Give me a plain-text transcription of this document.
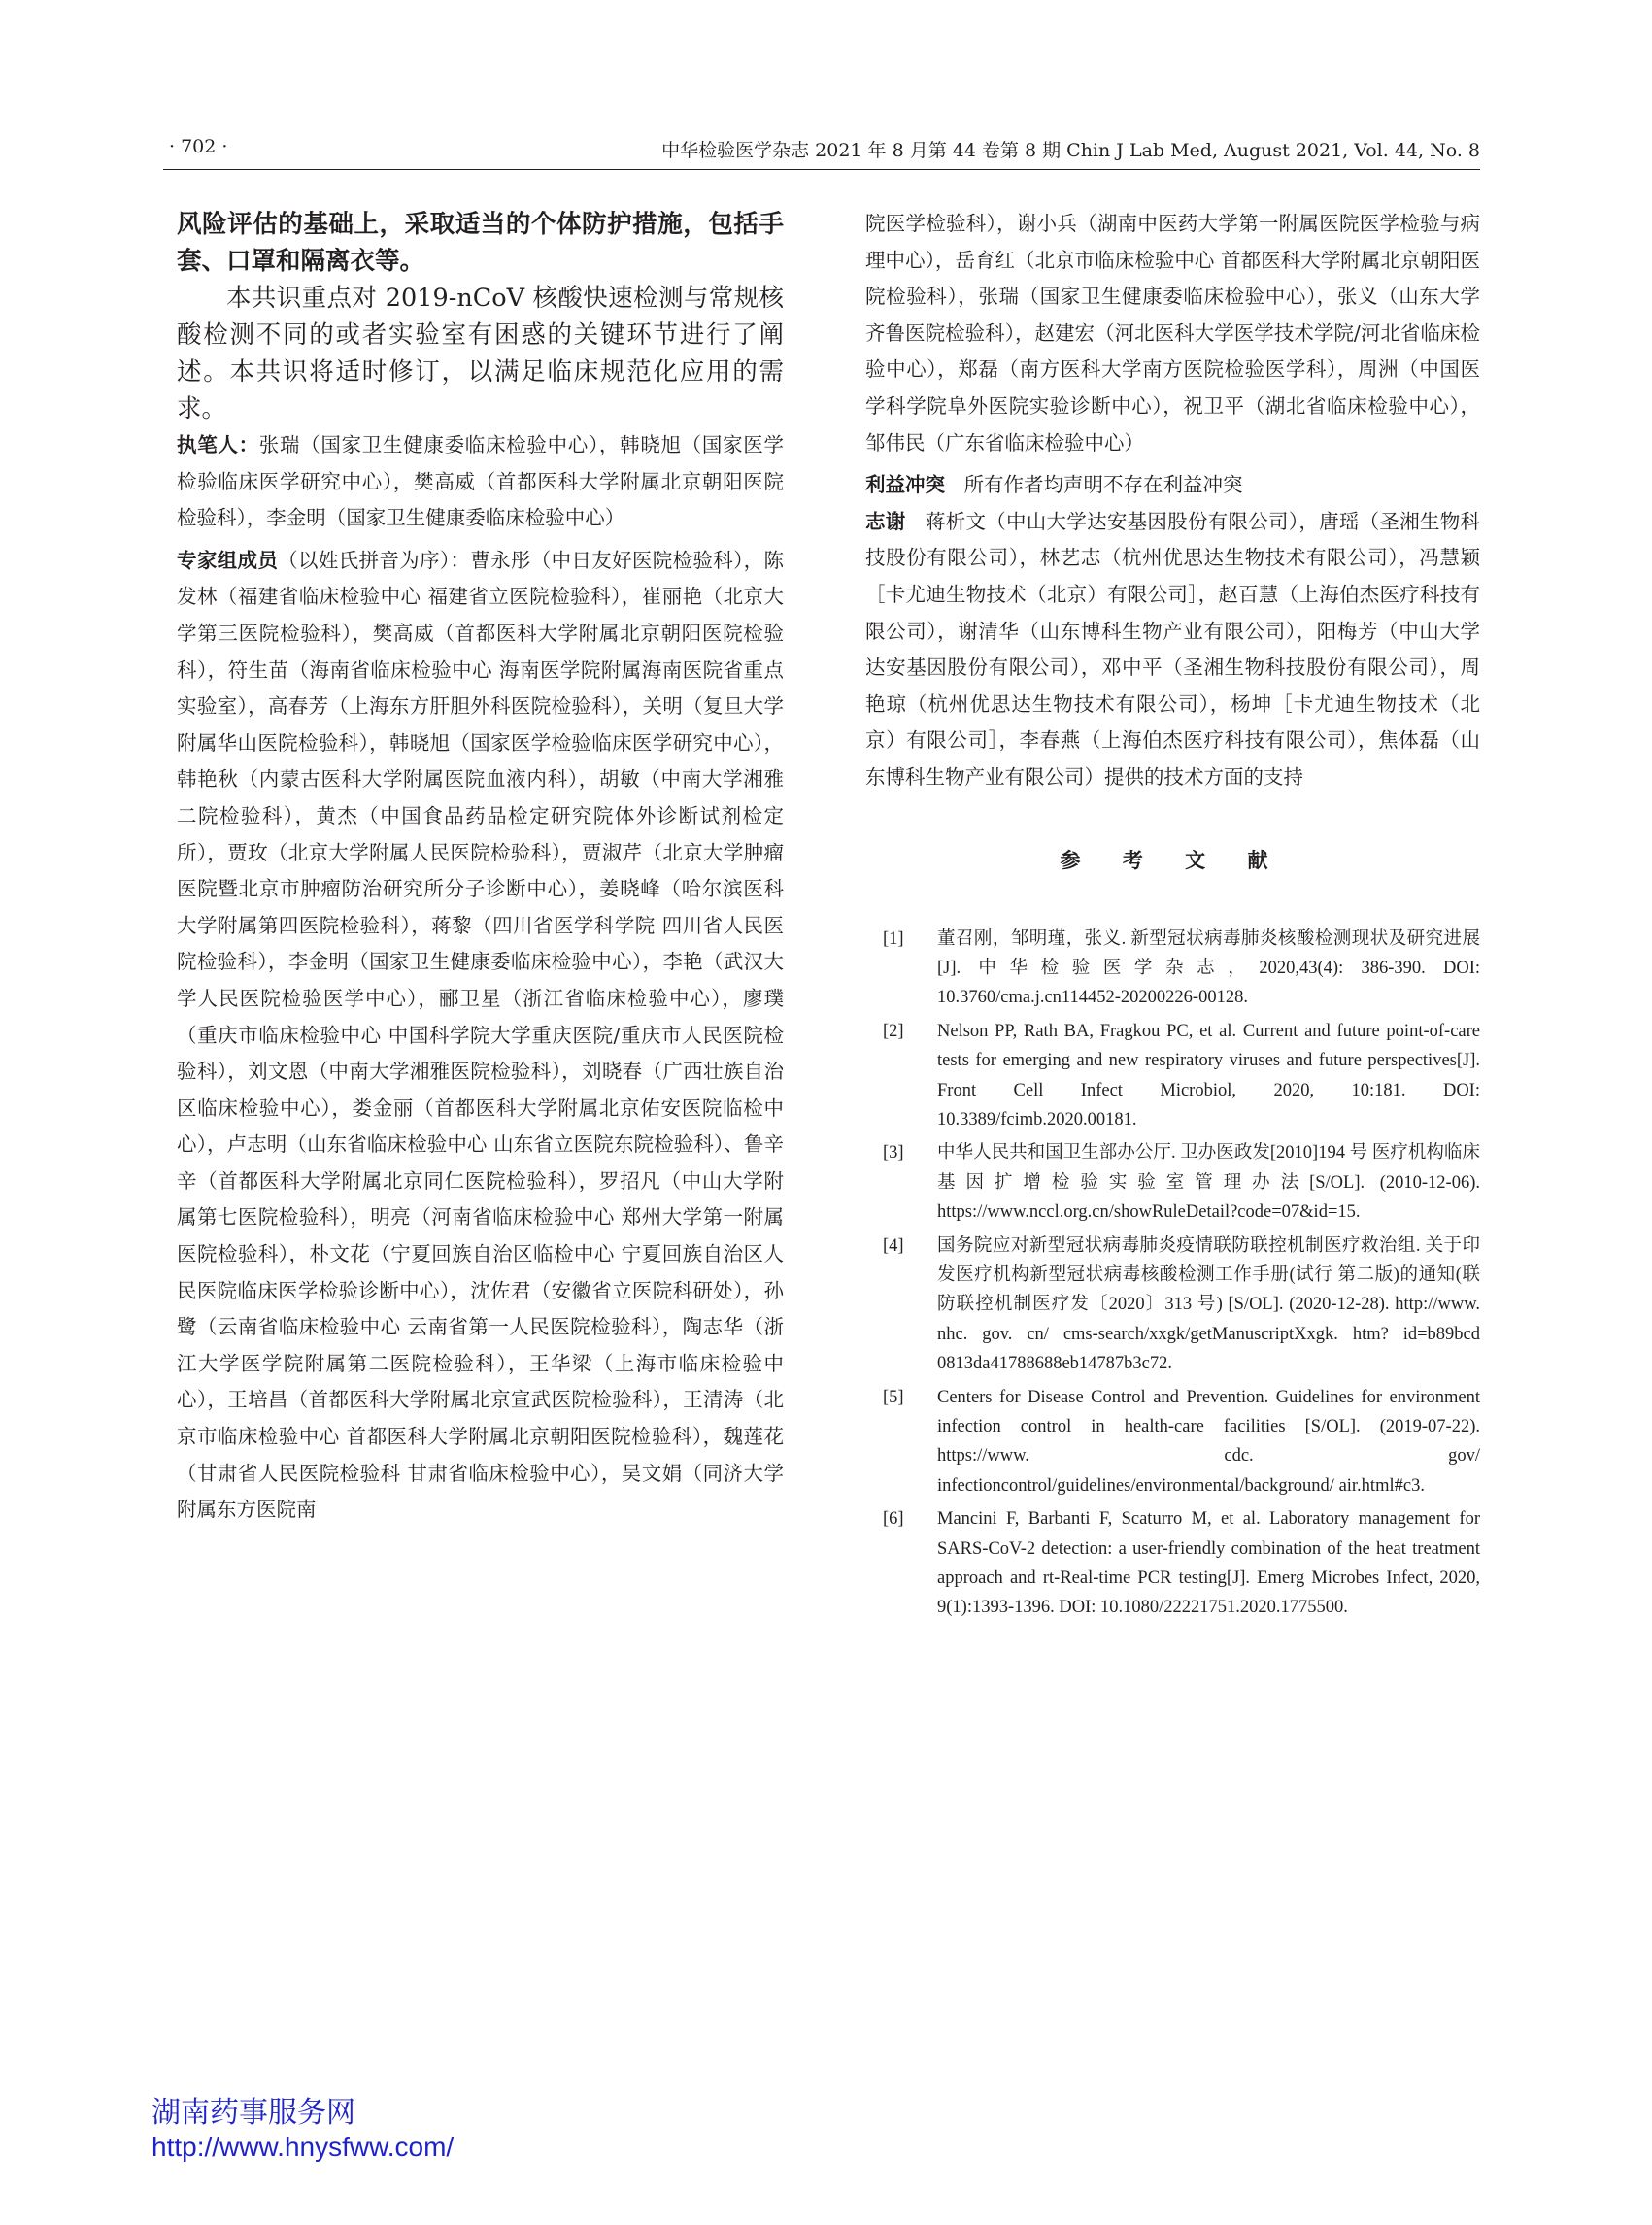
· 702 ·	中华检验医学杂志 2021 年 8 月第 44 卷第 8 期 Chin J Lab Med, August 2021, Vol. 44, No. 8

风险评估的基础上，采取适当的个体防护措施，包括手套、口罩和隔离衣等。

本共识重点对 2019-nCoV 核酸快速检测与常规核酸检测不同的或者实验室有困惑的关键环节进行了阐述。本共识将适时修订，以满足临床规范化应用的需求。

执笔人：张瑞（国家卫生健康委临床检验中心），韩晓旭（国家医学检验临床医学研究中心），樊高威（首都医科大学附属北京朝阳医院检验科），李金明（国家卫生健康委临床检验中心）

专家组成员（以姓氏拼音为序）：曹永彤（中日友好医院检验科），陈发林（福建省临床检验中心 福建省立医院检验科），崔丽艳（北京大学第三医院检验科），樊高威（首都医科大学附属北京朝阳医院检验科），符生苗（海南省临床检验中心 海南医学院附属海南医院省重点实验室），高春芳（上海东方肝胆外科医院检验科），关明（复旦大学附属华山医院检验科），韩晓旭（国家医学检验临床医学研究中心），韩艳秋（内蒙古医科大学附属医院血液内科），胡敏（中南大学湘雅二院检验科），黄杰（中国食品药品检定研究院体外诊断试剂检定所），贾玫（北京大学附属人民医院检验科），贾淑芹（北京大学肿瘤医院暨北京市肿瘤防治研究所分子诊断中心），姜晓峰（哈尔滨医科大学附属第四医院检验科），蒋黎（四川省医学科学院 四川省人民医院检验科），李金明（国家卫生健康委临床检验中心），李艳（武汉大学人民医院检验医学中心），郦卫星（浙江省临床检验中心），廖璞（重庆市临床检验中心 中国科学院大学重庆医院/重庆市人民医院检验科），刘文恩（中南大学湘雅医院检验科），刘晓春（广西壮族自治区临床检验中心），娄金丽（首都医科大学附属北京佑安医院临检中心），卢志明（山东省临床检验中心 山东省立医院东院检验科）、鲁辛辛（首都医科大学附属北京同仁医院检验科），罗招凡（中山大学附属第七医院检验科），明亮（河南省临床检验中心 郑州大学第一附属医院检验科），朴文花（宁夏回族自治区临检中心 宁夏回族自治区人民医院临床医学检验诊断中心），沈佐君（安徽省立医院科研处），孙鹭（云南省临床检验中心 云南省第一人民医院检验科），陶志华（浙江大学医学院附属第二医院检验科），王华梁（上海市临床检验中心），王培昌（首都医科大学附属北京宣武医院检验科），王清涛（北京市临床检验中心 首都医科大学附属北京朝阳医院检验科），魏莲花（甘肃省人民医院检验科 甘肃省临床检验中心），吴文娟（同济大学附属东方医院南

院医学检验科），谢小兵（湖南中医药大学第一附属医院医学检验与病理中心），岳育红（北京市临床检验中心 首都医科大学附属北京朝阳医院检验科），张瑞（国家卫生健康委临床检验中心），张义（山东大学齐鲁医院检验科），赵建宏（河北医科大学医学技术学院/河北省临床检验中心），郑磊（南方医科大学南方医院检验医学科），周洲（中国医学科学院阜外医院实验诊断中心），祝卫平（湖北省临床检验中心），邹伟民（广东省临床检验中心）

利益冲突 所有作者均声明不存在利益冲突

志谢 蒋析文（中山大学达安基因股份有限公司），唐瑶（圣湘生物科技股份有限公司），林艺志（杭州优思达生物技术有限公司），冯慧颖［卡尤迪生物技术（北京）有限公司］，赵百慧（上海伯杰医疗科技有限公司），谢清华（山东博科生物产业有限公司），阳梅芳（中山大学达安基因股份有限公司），邓中平（圣湘生物科技股份有限公司），周艳琼（杭州优思达生物技术有限公司），杨坤［卡尤迪生物技术（北京）有限公司］，李春燕（上海伯杰医疗科技有限公司），焦体磊（山东博科生物产业有限公司）提供的技术方面的支持

参 考 文 献
[1] 董召刚，邹明瑾，张义. 新型冠状病毒肺炎核酸检测现状及研究进展 [J]. 中华检验医学杂志，2020,43(4): 386-390. DOI: 10.3760/cma.j.cn114452-20200226-00128.
[2] Nelson PP, Rath BA, Fragkou PC, et al. Current and future point-of-care tests for emerging and new respiratory viruses and future perspectives[J]. Front Cell Infect Microbiol, 2020, 10:181. DOI: 10.3389/fcimb.2020.00181.
[3] 中华人民共和国卫生部办公厅. 卫办医政发[2010]194 号 医疗机构临床基因扩增检验实验室管理办法[S/OL]. (2010-12-06). https://www.nccl.org.cn/showRuleDetail?code=07&id=15.
[4] 国务院应对新型冠状病毒肺炎疫情联防联控机制医疗救治组. 关于印发医疗机构新型冠状病毒核酸检测工作手册(试行 第二版)的通知(联防联控机制医疗发〔2020〕313 号) [S/OL]. (2020-12-28). http://www. nhc. gov. cn/ cms-search/xxgk/getManuscriptXxgk. htm? id=b89bcd 0813da41788688eb14787b3c72.
[5] Centers for Disease Control and Prevention. Guidelines for environment infection control in health-care facilities [S/OL]. (2019-07-22). https://www. cdc. gov/ infectioncontrol/guidelines/environmental/background/ air.html#c3.
[6] Mancini F, Barbanti F, Scaturro M, et al. Laboratory management for SARS-CoV-2 detection: a user-friendly combination of the heat treatment approach and rt-Real-time PCR testing[J]. Emerg Microbes Infect, 2020, 9(1):1393-1396. DOI: 10.1080/22221751.2020.1775500.
湖南药事服务网
http://www.hnysfww.com/
